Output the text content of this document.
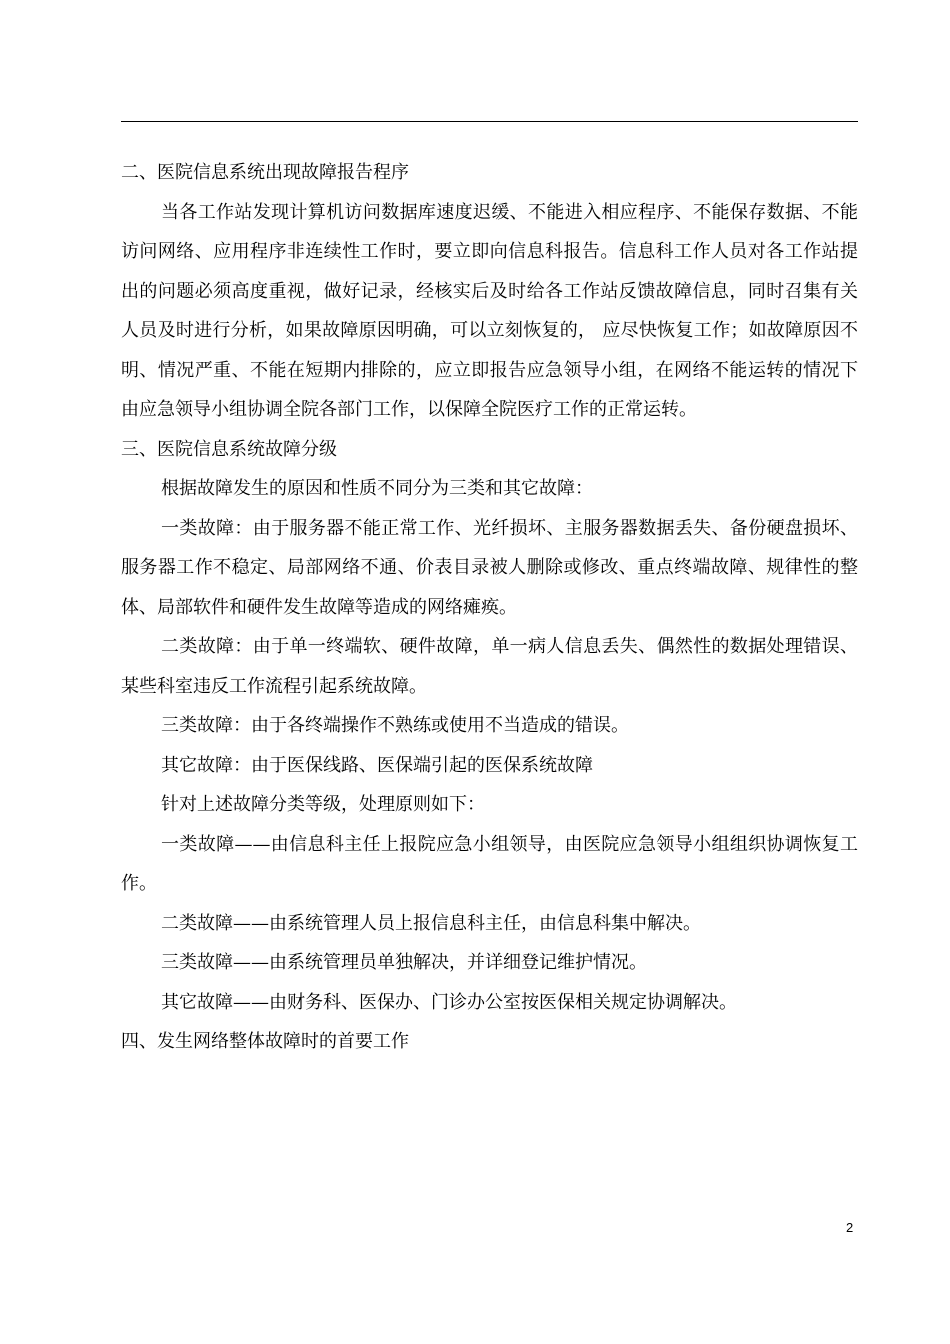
二、医院信息系统出现故障报告程序

当各工作站发现计算机访问数据库速度迟缓、不能进入相应程序、不能保存数据、不能访问网络、应用程序非连续性工作时，要立即向信息科报告。信息科工作人员对各工作站提出的问题必须高度重视，做好记录，经核实后及时给各工作站反馈故障信息，同时召集有关人员及时进行分析，如果故障原因明确，可以立刻恢复的， 应尽快恢复工作；如故障原因不明、情况严重、不能在短期内排除的，应立即报告应急领导小组，在网络不能运转的情况下由应急领导小组协调全院各部门工作，以保障全院医疗工作的正常运转。

三、医院信息系统故障分级

根据故障发生的原因和性质不同分为三类和其它故障：

一类故障：由于服务器不能正常工作、光纤损坏、主服务器数据丢失、备份硬盘损坏、服务器工作不稳定、局部网络不通、价表目录被人删除或修改、重点终端故障、规律性的整体、局部软件和硬件发生故障等造成的网络瘫痪。

二类故障：由于单一终端软、硬件故障，单一病人信息丢失、偶然性的数据处理错误、某些科室违反工作流程引起系统故障。

三类故障：由于各终端操作不熟练或使用不当造成的错误。

其它故障：由于医保线路、医保端引起的医保系统故障

针对上述故障分类等级，处理原则如下：

一类故障——由信息科主任上报院应急小组领导，由医院应急领导小组组织协调恢复工作。

二类故障——由系统管理人员上报信息科主任，由信息科集中解决。

三类故障——由系统管理员单独解决，并详细登记维护情况。

其它故障——由财务科、医保办、门诊办公室按医保相关规定协调解决。

四、发生网络整体故障时的首要工作

2
